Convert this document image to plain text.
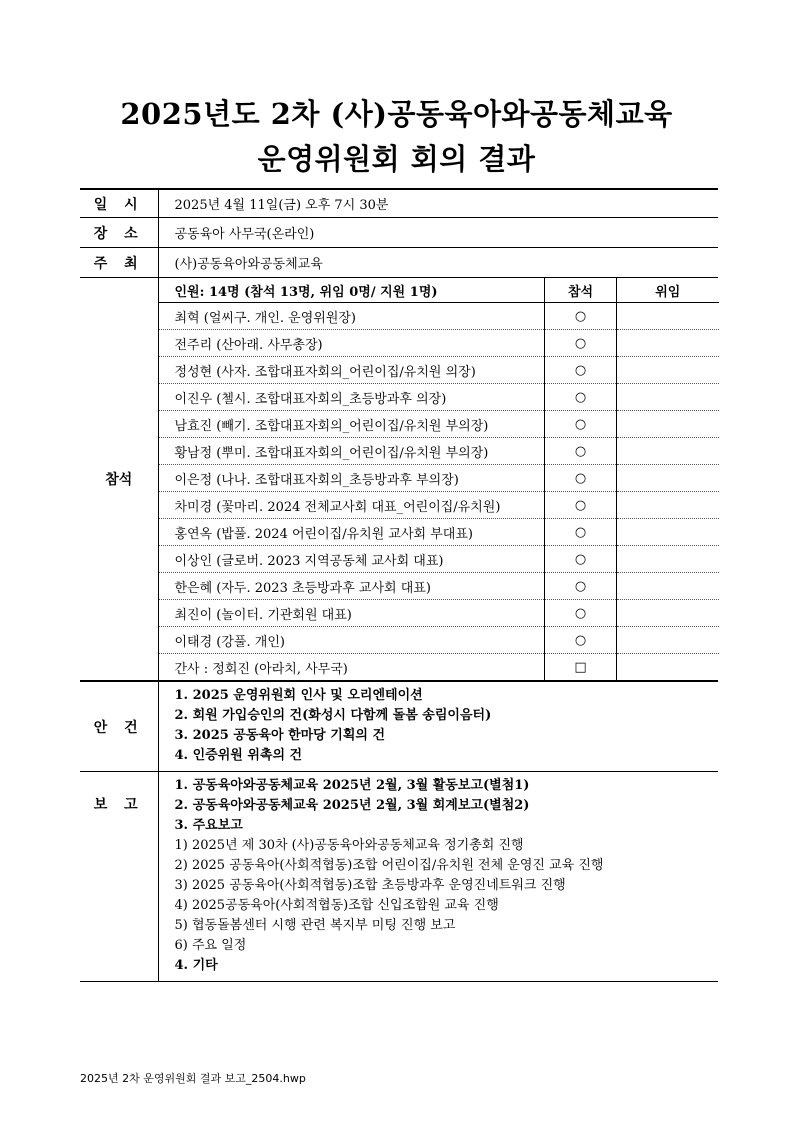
2025년도 2차 (사)공동육아와공동체교육
운영위원회 회의 결과
일 시	2025년 4월 11일(금) 오후 7시 30분
장 소	공동육아 사무국(온라인)
주 최	(사)공동육아와공동체교육
참석	
인원: 14명 (참석 13명, 위임 0명/ 지원 1명)	참석	위임
최혁 (얼씨구. 개인. 운영위원장)	○	
전주리 (산아래. 사무총장)	○	
정성현 (사자. 조합대표자회의_어린이집/유치원 의장)	○	
이진우 (첼시. 조합대표자회의_초등방과후 의장)	○	
남효진 (빼기. 조합대표자회의_어린이집/유치원 부의장)	○	
황남정 (뿌미. 조합대표자회의_어린이집/유치원 부의장)	○	
이은정 (나나. 조합대표자회의_초등방과후 부의장)	○	
차미경 (꽃마리. 2024 전체교사회 대표_어린이집/유치원)	○	
홍연옥 (밥풀. 2024 어린이집/유치원 교사회 부대표)	○	
이상인 (글로버. 2023 지역공동체 교사회 대표)	○	
한은혜 (자두. 2023 초등방과후 교사회 대표)	○	
최진이 (놀이터. 기관회원 대표)	○	
이태경 (강풀. 개인)	○	
간사 : 정회진 (아라치, 사무국)	□	

안 건	
1. 2025 운영위원회 인사 및 오리엔테이션
2. 회원 가입승인의 건(화성시 다함께 돌봄 송림이음터)
3. 2025 공동육아 한마당 기획의 건
4. 인증위원 위촉의 건

보 고	
1. 공동육아와공동체교육 2025년 2월, 3월 활동보고(별첨1)
2. 공동육아와공동체교육 2025년 2월, 3월 회계보고(별첨2)
3. 주요보고
1) 2025년 제 30차 (사)공동육아와공동체교육 정기총회 진행
2) 2025 공동육아(사회적협동)조합 어린이집/유치원 전체 운영진 교육 진행
3) 2025 공동육아(사회적협동)조합 초등방과후 운영진네트워크 진행
4) 2025공동육아(사회적협동)조합 신입조합원 교육 진행
5) 협동돌봄센터 시행 관련 복지부 미팅 진행 보고
6) 주요 일정
4. 기타
2025년 2차 운영위원회 결과 보고_2504.hwp
